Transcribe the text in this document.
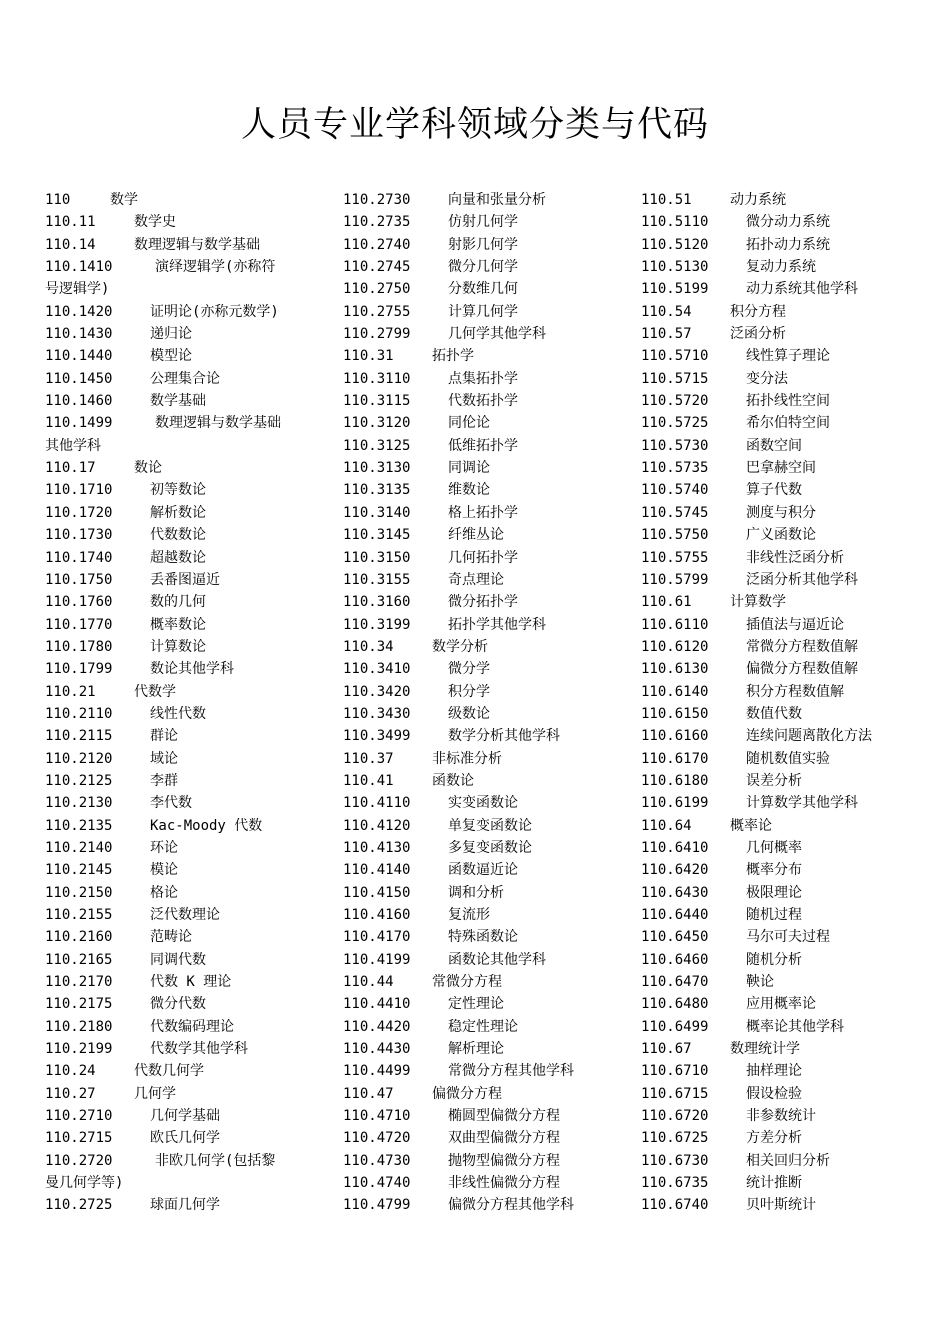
人员专业学科领域分类与代码
110	数学
110.11	数学史
110.14	数理逻辑与数学基础
110.1410	演绎逻辑学(亦称符
号逻辑学)
110.1420	证明论(亦称元数学)
110.1430	递归论
110.1440	模型论
110.1450	公理集合论
110.1460	数学基础
110.1499	数理逻辑与数学基础
其他学科
110.17	数论
110.1710	初等数论
110.1720	解析数论
110.1730	代数数论
110.1740	超越数论
110.1750	丢番图逼近
110.1760	数的几何
110.1770	概率数论
110.1780	计算数论
110.1799	数论其他学科
110.21	代数学
110.2110	线性代数
110.2115	群论
110.2120	域论
110.2125	李群
110.2130	李代数
110.2135	Kac-Moody 代数
110.2140	环论
110.2145	模论
110.2150	格论
110.2155	泛代数理论
110.2160	范畴论
110.2165	同调代数
110.2170	代数 K 理论
110.2175	微分代数
110.2180	代数编码理论
110.2199	代数学其他学科
110.24	代数几何学
110.27	几何学
110.2710	几何学基础
110.2715	欧氏几何学
110.2720	非欧几何学(包括黎
曼几何学等)
110.2725	球面几何学
110.2730	向量和张量分析
110.2735	仿射几何学
110.2740	射影几何学
110.2745	微分几何学
110.2750	分数维几何
110.2755	计算几何学
110.2799	几何学其他学科
110.31	拓扑学
110.3110	点集拓扑学
110.3115	代数拓扑学
110.3120	同伦论
110.3125	低维拓扑学
110.3130	同调论
110.3135	维数论
110.3140	格上拓扑学
110.3145	纤维丛论
110.3150	几何拓扑学
110.3155	奇点理论
110.3160	微分拓扑学
110.3199	拓扑学其他学科
110.34	数学分析
110.3410	微分学
110.3420	积分学
110.3430	级数论
110.3499	数学分析其他学科
110.37	非标准分析
110.41	函数论
110.4110	实变函数论
110.4120	单复变函数论
110.4130	多复变函数论
110.4140	函数逼近论
110.4150	调和分析
110.4160	复流形
110.4170	特殊函数论
110.4199	函数论其他学科
110.44	常微分方程
110.4410	定性理论
110.4420	稳定性理论
110.4430	解析理论
110.4499	常微分方程其他学科
110.47	偏微分方程
110.4710	椭圆型偏微分方程
110.4720	双曲型偏微分方程
110.4730	抛物型偏微分方程
110.4740	非线性偏微分方程
110.4799	偏微分方程其他学科
110.51	动力系统
110.5110	微分动力系统
110.5120	拓扑动力系统
110.5130	复动力系统
110.5199	动力系统其他学科
110.54	积分方程
110.57	泛函分析
110.5710	线性算子理论
110.5715	变分法
110.5720	拓扑线性空间
110.5725	希尔伯特空间
110.5730	函数空间
110.5735	巴拿赫空间
110.5740	算子代数
110.5745	测度与积分
110.5750	广义函数论
110.5755	非线性泛函分析
110.5799	泛函分析其他学科
110.61	计算数学
110.6110	插值法与逼近论
110.6120	常微分方程数值解
110.6130	偏微分方程数值解
110.6140	积分方程数值解
110.6150	数值代数
110.6160	连续问题离散化方法
110.6170	随机数值实验
110.6180	误差分析
110.6199	计算数学其他学科
110.64	概率论
110.6410	几何概率
110.6420	概率分布
110.6430	极限理论
110.6440	随机过程
110.6450	马尔可夫过程
110.6460	随机分析
110.6470	鞅论
110.6480	应用概率论
110.6499	概率论其他学科
110.67	数理统计学
110.6710	抽样理论
110.6715	假设检验
110.6720	非参数统计
110.6725	方差分析
110.6730	相关回归分析
110.6735	统计推断
110.6740	贝叶斯统计
